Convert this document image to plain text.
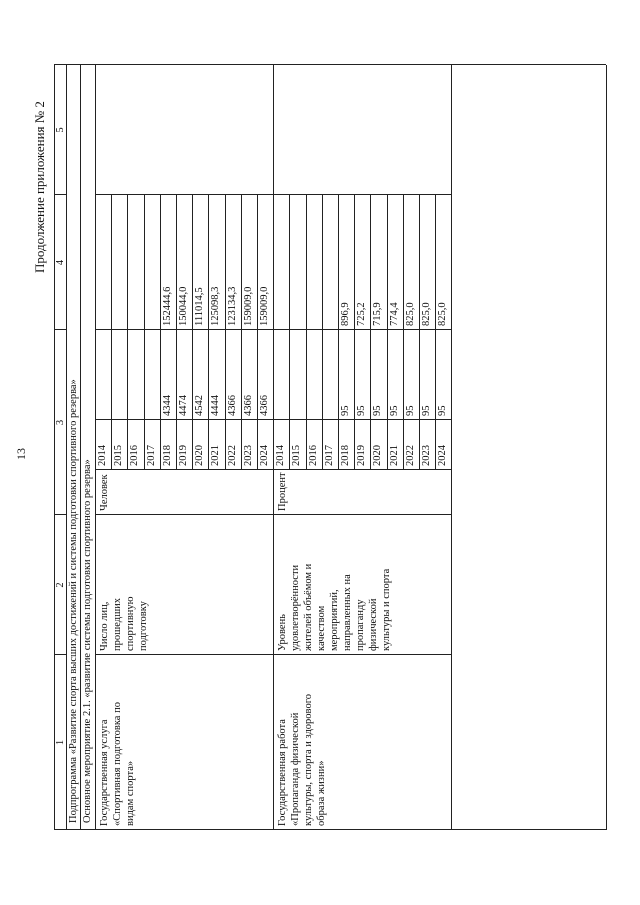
13
Продолжение приложения № 2
1
2
3
4
5
Подпрограмма «Развитие спорта высших достижений и системы подготовки спортивного резерва» Основное мероприятие 2.1. «развитие системы подготовки спортивного резерва» Государственная услуга «Спортивная подготовка по видам спорта»
Число лиц, прошедших спортивную подготовку
Человек
2014 2015 2016 2017 2018 2019 2020 2021 2022 2023 2024
4344 4474 4542 4444 4366 4366 4366
152444,6 150044,0 111014,5 125098,3 123134,3 159009,0 159009,0
Государственная работа «Пропаганда физической культуры, спорта и здорового образа жизни»
Уровень удовлетворённости жителей объёмом и качеством мероприятий, направленных на пропаганду физической культуры и спорта
Процент
2014 2015 2016 2017 2018 2019 2020 2021 2022 2023 2024
95 95 95 95 95 95 95
896,9 725,2 715,9 774,4 825,0 825,0 825,0
